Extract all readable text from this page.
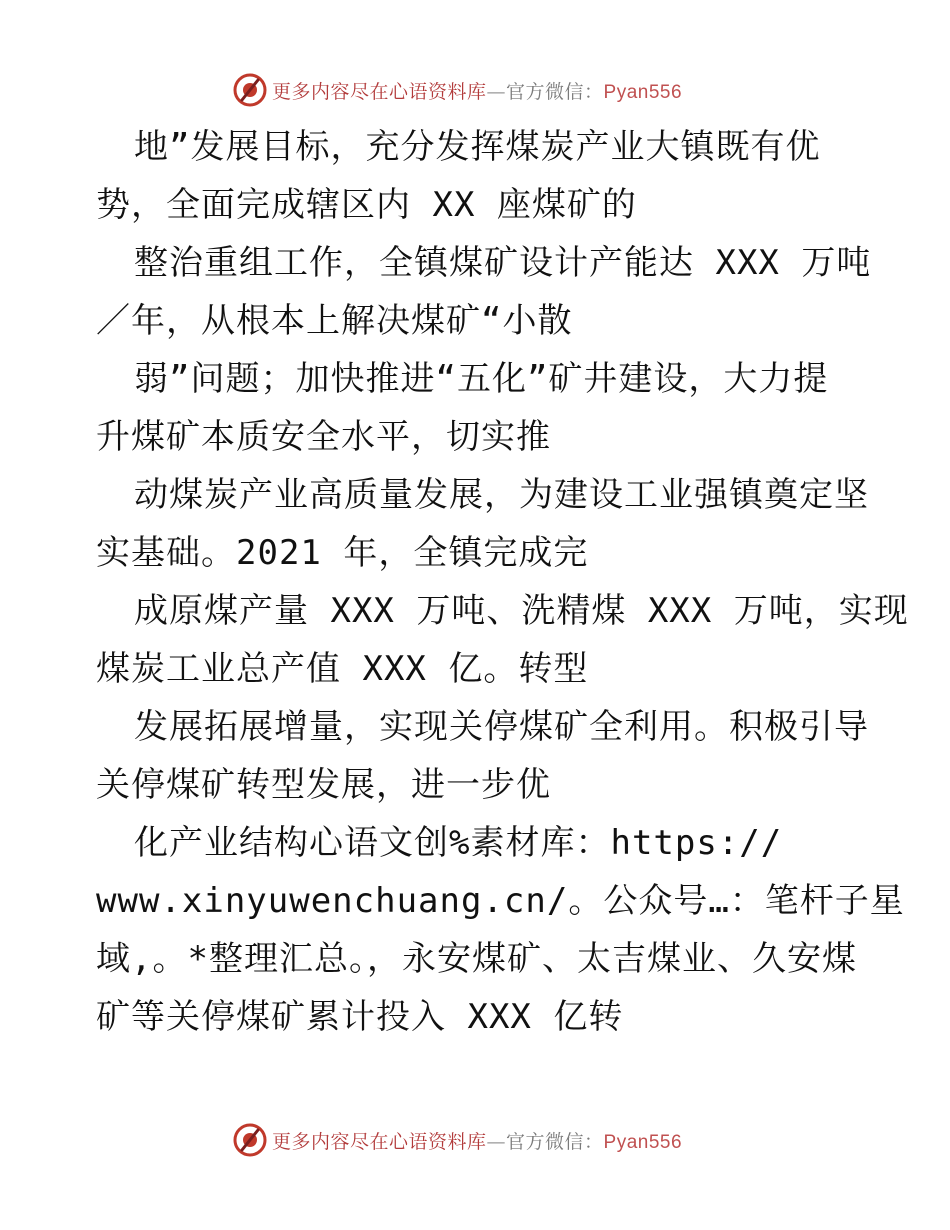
更多内容尽在心语资料库—官方微信：Pyan556
地”发展目标，充分发挥煤炭产业大镇既有优
势，全面完成辖区内 XX 座煤矿的
整治重组工作，全镇煤矿设计产能达 XXX 万吨
／年，从根本上解决煤矿“小散
弱”问题；加快推进“五化”矿井建设，大力提
升煤矿本质安全水平，切实推
动煤炭产业高质量发展，为建设工业强镇奠定坚
实基础。2021 年，全镇完成完
成原煤产量 XXX 万吨、洗精煤 XXX 万吨，实现
煤炭工业总产值 XXX 亿。转型
发展拓展增量，实现关停煤矿全利用。积极引导
关停煤矿转型发展，进一步优
化产业结构心语文创%素材库：https://
www.xinyuwenchuang.cn/。公众号…：笔杆子星
域,。*整理汇总。，永安煤矿、太吉煤业、久安煤
矿等关停煤矿累计投入 XXX 亿转
更多内容尽在心语资料库—官方微信：Pyan556
